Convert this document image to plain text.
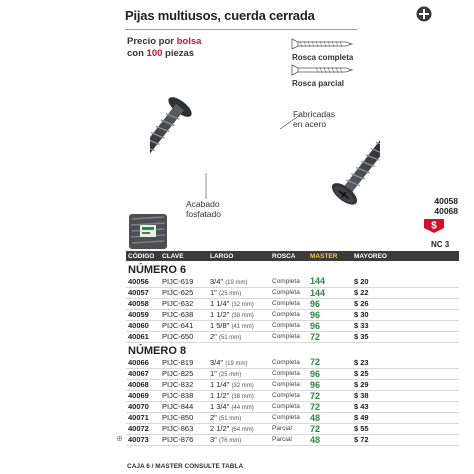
Pijas multiusos, cuerda cerrada
Precio por bolsa
con 100 piezas	Rosca completa
Rosca parcial
Fabricadas
en acero
Acabado
fosfatado
40058
40068
$
NC 3
CÓDIGO	CLAVE	LARGO	ROSCA	MASTER	MAYOREO
NÚMERO 6					
40056	PIJC-619	3/4" (19 mm)	Completa	144	$ 20
40057	PIJC-625	1" (25 mm)	Completa	144	$ 22
40058	PIJC-632	1 1/4" (32 mm)	Completa	96	$ 26
40059	PIJC-638	1 1/2" (38 mm)	Completa	96	$ 30
40060	PIJC-641	1 5/8" (41 mm)	Completa	96	$ 33
40061	PIJC-650	2" (51 mm)	Completa	72	$ 35
NÚMERO 8					
40066	PIJC-819	3/4" (19 mm)	Completa	72	$ 23
40067	PIJC-825	1" (25 mm)	Completa	96	$ 25
40068	PIJC-832	1 1/4" (32 mm)	Completa	96	$ 29
40069	PIJC-838	1 1/2" (38 mm)	Completa	72	$ 38
40070	PIJC-844	1 3/4" (44 mm)	Completa	72	$ 43
40071	PIJC-850	2" (51 mm)	Completa	48	$ 49
40072	PIJC-863	2 1/2" (64 mm)	Parcial	72	$ 55
40073	PIJC-876	3" (76 mm)	Parcial	48	$ 72
⊕
CAJA 6 / MASTER CONSULTE TABLA
